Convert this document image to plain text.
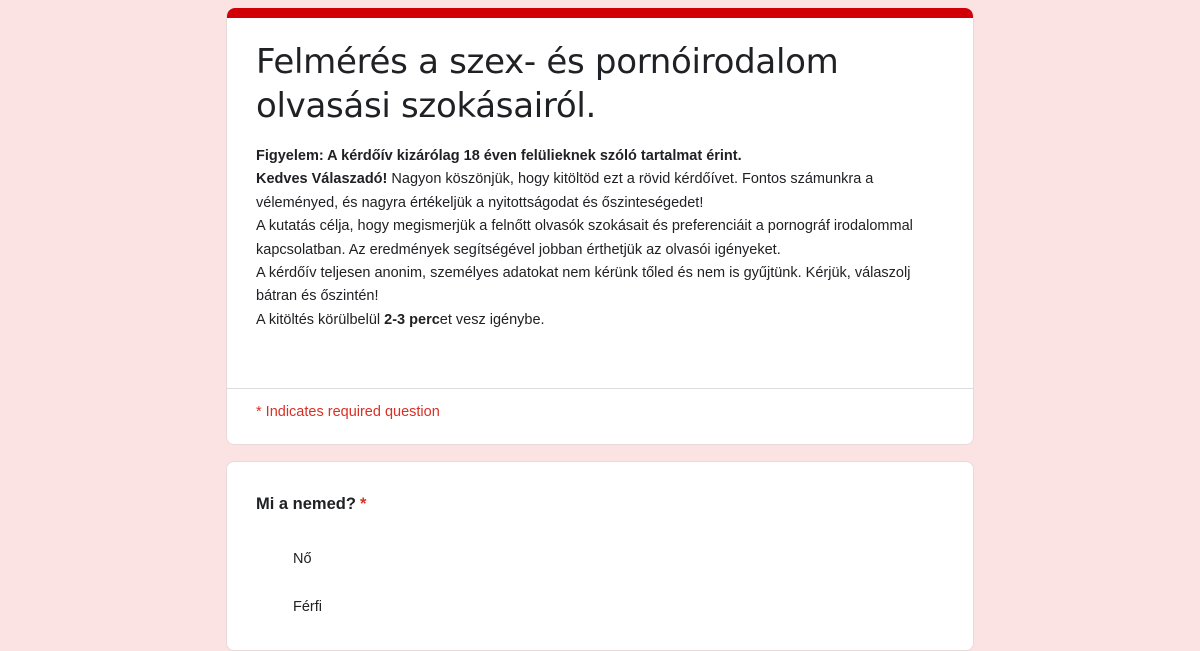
Felmérés a szex- és pornóirodalom olvasási szokásairól.

Figyelem: A kérdőív kizárólag 18 éven felülieknek szóló tartalmat érint.

Kedves Válaszadó! Nagyon köszönjük, hogy kitöltöd ezt a rövid kérdőívet. Fontos számunkra a véleményed, és nagyra értékeljük a nyitottságodat és őszinteségedet!

A kutatás célja, hogy megismerjük a felnőtt olvasók szokásait és preferenciáit a pornográf irodalommal kapcsolatban. Az eredmények segítségével jobban érthetjük az olvasói igényeket.

A kérdőív teljesen anonim, személyes adatokat nem kérünk tőled és nem is gyűjtünk. Kérjük, válaszolj bátran és őszintén!

A kitöltés körülbelül 2-3 percet vesz igénybe.

* Indicates required question
Mi a nemed? *
Nő
Férfi
